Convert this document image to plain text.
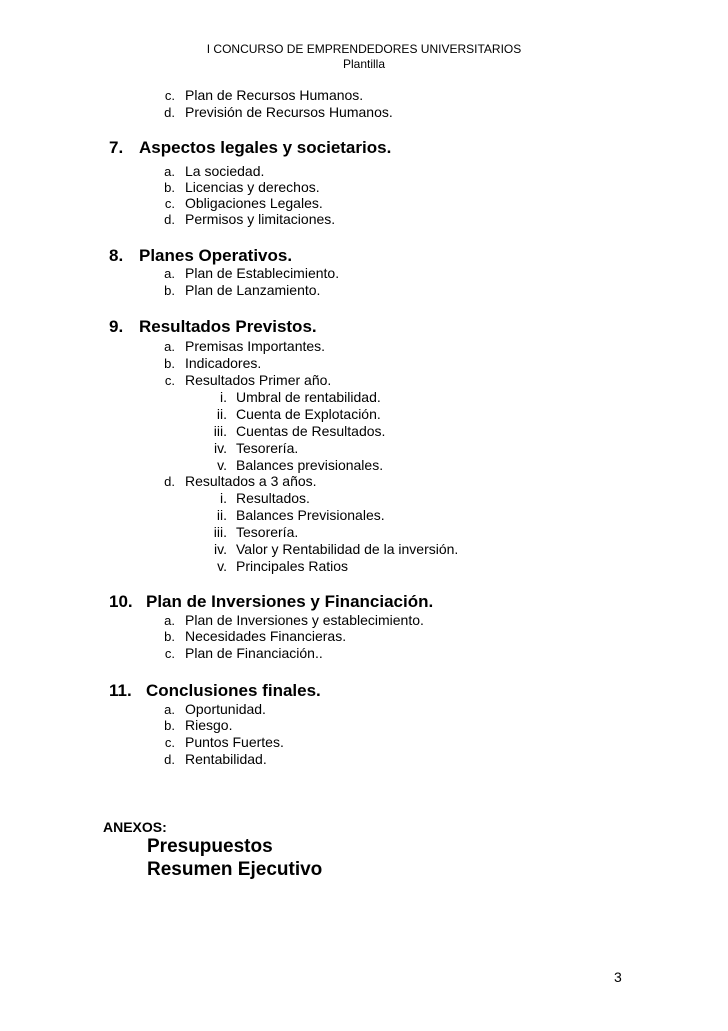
I CONCURSO DE EMPRENDEDORES UNIVERSITARIOS
Plantilla
c. Plan de Recursos Humanos.
d. Previsión de Recursos Humanos.
7. Aspectos legales y societarios.
a. La sociedad.
b. Licencias y derechos.
c. Obligaciones Legales.
d. Permisos y limitaciones.
8. Planes Operativos.
a. Plan de Establecimiento.
b. Plan de Lanzamiento.
9. Resultados Previstos.
a. Premisas Importantes.
b. Indicadores.
c. Resultados Primer año.
i. Umbral de rentabilidad.
ii. Cuenta de Explotación.
iii. Cuentas de Resultados.
iv. Tesorería.
v. Balances previsionales.
d. Resultados a 3 años.
i. Resultados.
ii. Balances Previsionales.
iii. Tesorería.
iv. Valor y Rentabilidad de la inversión.
v. Principales Ratios
10. Plan de Inversiones y Financiación.
a. Plan de Inversiones y establecimiento.
b. Necesidades Financieras.
c. Plan de Financiación..
11. Conclusiones finales.
a. Oportunidad.
b. Riesgo.
c. Puntos Fuertes.
d. Rentabilidad.
ANEXOS:
Presupuestos
Resumen Ejecutivo
3
